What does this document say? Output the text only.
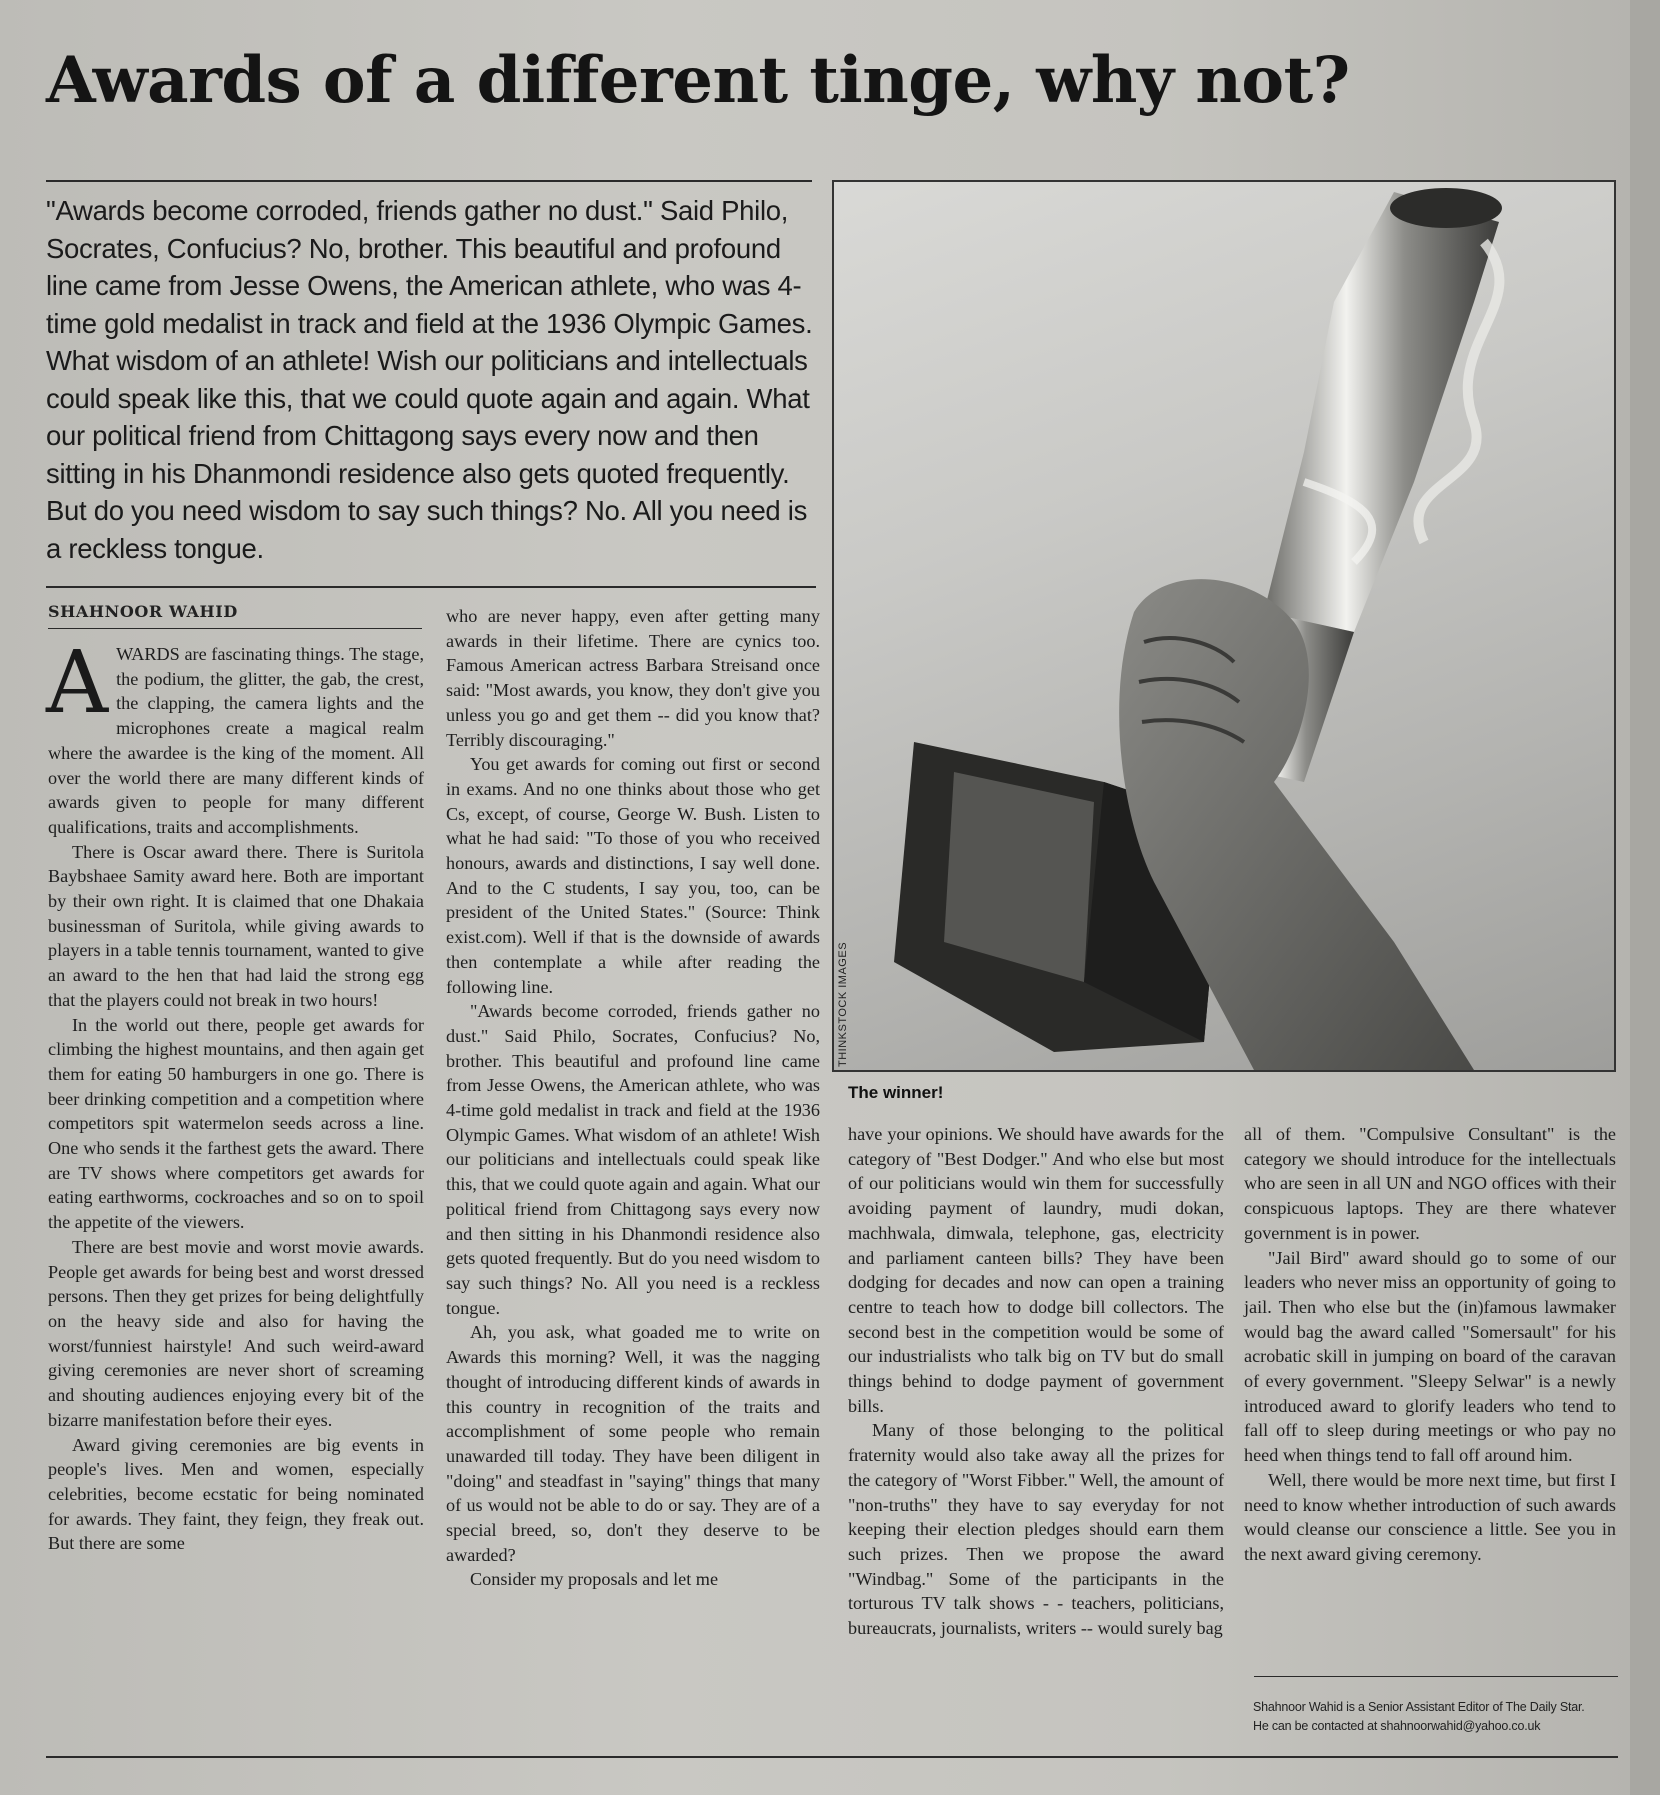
Awards of a different tinge, why not?

"Awards become corroded, friends gather no dust." Said Philo, Socrates, Confucius? No, brother. This beautiful and profound line came from Jesse Owens, the American athlete, who was 4-time gold medalist in track and field at the 1936 Olympic Games. What wisdom of an athlete! Wish our politicians and intellectuals could speak like this, that we could quote again and again. What our political friend from Chittagong says every now and then sitting in his Dhanmondi residence also gets quoted frequently. But do you need wisdom to say such things? No. All you need is a reckless tongue.

THINKSTOCK IMAGES
The winner!
SHAHNOOR WAHID

AWARDS are fascinating things. The stage, the podium, the glitter, the gab, the crest, the clapping, the camera lights and the microphones create a magical realm where the awardee is the king of the moment. All over the world there are many different kinds of awards given to people for many different qualifications, traits and accomplishments.

There is Oscar award there. There is Suritola Baybshaee Samity award here. Both are important by their own right. It is claimed that one Dhakaia businessman of Suritola, while giving awards to players in a table tennis tournament, wanted to give an award to the hen that had laid the strong egg that the players could not break in two hours!

In the world out there, people get awards for climbing the highest mountains, and then again get them for eating 50 hamburgers in one go. There is beer drinking competition and a competition where competitors spit watermelon seeds across a line. One who sends it the farthest gets the award. There are TV shows where competitors get awards for eating earthworms, cockroaches and so on to spoil the appetite of the viewers.

There are best movie and worst movie awards. People get awards for being best and worst dressed persons. Then they get prizes for being delightfully on the heavy side and also for having the worst/funniest hairstyle! And such weird-award giving ceremonies are never short of screaming and shouting audiences enjoying every bit of the bizarre manifestation before their eyes.

Award giving ceremonies are big events in people's lives. Men and women, especially celebrities, become ecstatic for being nominated for awards. They faint, they feign, they freak out. But there are some

who are never happy, even after getting many awards in their lifetime. There are cynics too. Famous American actress Barbara Streisand once said: "Most awards, you know, they don't give you unless you go and get them -- did you know that? Terribly discouraging."

You get awards for coming out first or second in exams. And no one thinks about those who get Cs, except, of course, George W. Bush. Listen to what he had said: "To those of you who received honours, awards and distinctions, I say well done. And to the C students, I say you, too, can be president of the United States." (Source: Think exist.com). Well if that is the downside of awards then contemplate a while after reading the following line.

"Awards become corroded, friends gather no dust." Said Philo, Socrates, Confucius? No, brother. This beautiful and profound line came from Jesse Owens, the American athlete, who was 4-time gold medalist in track and field at the 1936 Olympic Games. What wisdom of an athlete! Wish our politicians and intellectuals could speak like this, that we could quote again and again. What our political friend from Chittagong says every now and then sitting in his Dhanmondi residence also gets quoted frequently. But do you need wisdom to say such things? No. All you need is a reckless tongue.

Ah, you ask, what goaded me to write on Awards this morning? Well, it was the nagging thought of introducing different kinds of awards in this country in recognition of the traits and accomplishment of some people who remain unawarded till today. They have been diligent in "doing" and steadfast in "saying" things that many of us would not be able to do or say. They are of a special breed, so, don't they deserve to be awarded?

Consider my proposals and let me

have your opinions. We should have awards for the category of "Best Dodger." And who else but most of our politicians would win them for successfully avoiding payment of laundry, mudi dokan, machhwala, dimwala, telephone, gas, electricity and parliament canteen bills? They have been dodging for decades and now can open a training centre to teach how to dodge bill collectors. The second best in the competition would be some of our industrialists who talk big on TV but do small things behind to dodge payment of government bills.

Many of those belonging to the political fraternity would also take away all the prizes for the category of "Worst Fibber." Well, the amount of "non-truths" they have to say everyday for not keeping their election pledges should earn them such prizes. Then we propose the award "Windbag." Some of the participants in the torturous TV talk shows - - teachers, politicians, bureaucrats, journalists, writers -- would surely bag

all of them. "Compulsive Consultant" is the category we should introduce for the intellectuals who are seen in all UN and NGO offices with their conspicuous laptops. They are there whatever government is in power.

"Jail Bird" award should go to some of our leaders who never miss an opportunity of going to jail. Then who else but the (in)famous lawmaker would bag the award called "Somersault" for his acrobatic skill in jumping on board of the caravan of every government. "Sleepy Selwar" is a newly introduced award to glorify leaders who tend to fall off to sleep during meetings or who pay no heed when things tend to fall off around him.

Well, there would be more next time, but first I need to know whether introduction of such awards would cleanse our conscience a little. See you in the next award giving ceremony.

Shahnoor Wahid is a Senior Assistant Editor of The Daily Star.

He can be contacted at shahnoorwahid@yahoo.co.uk
